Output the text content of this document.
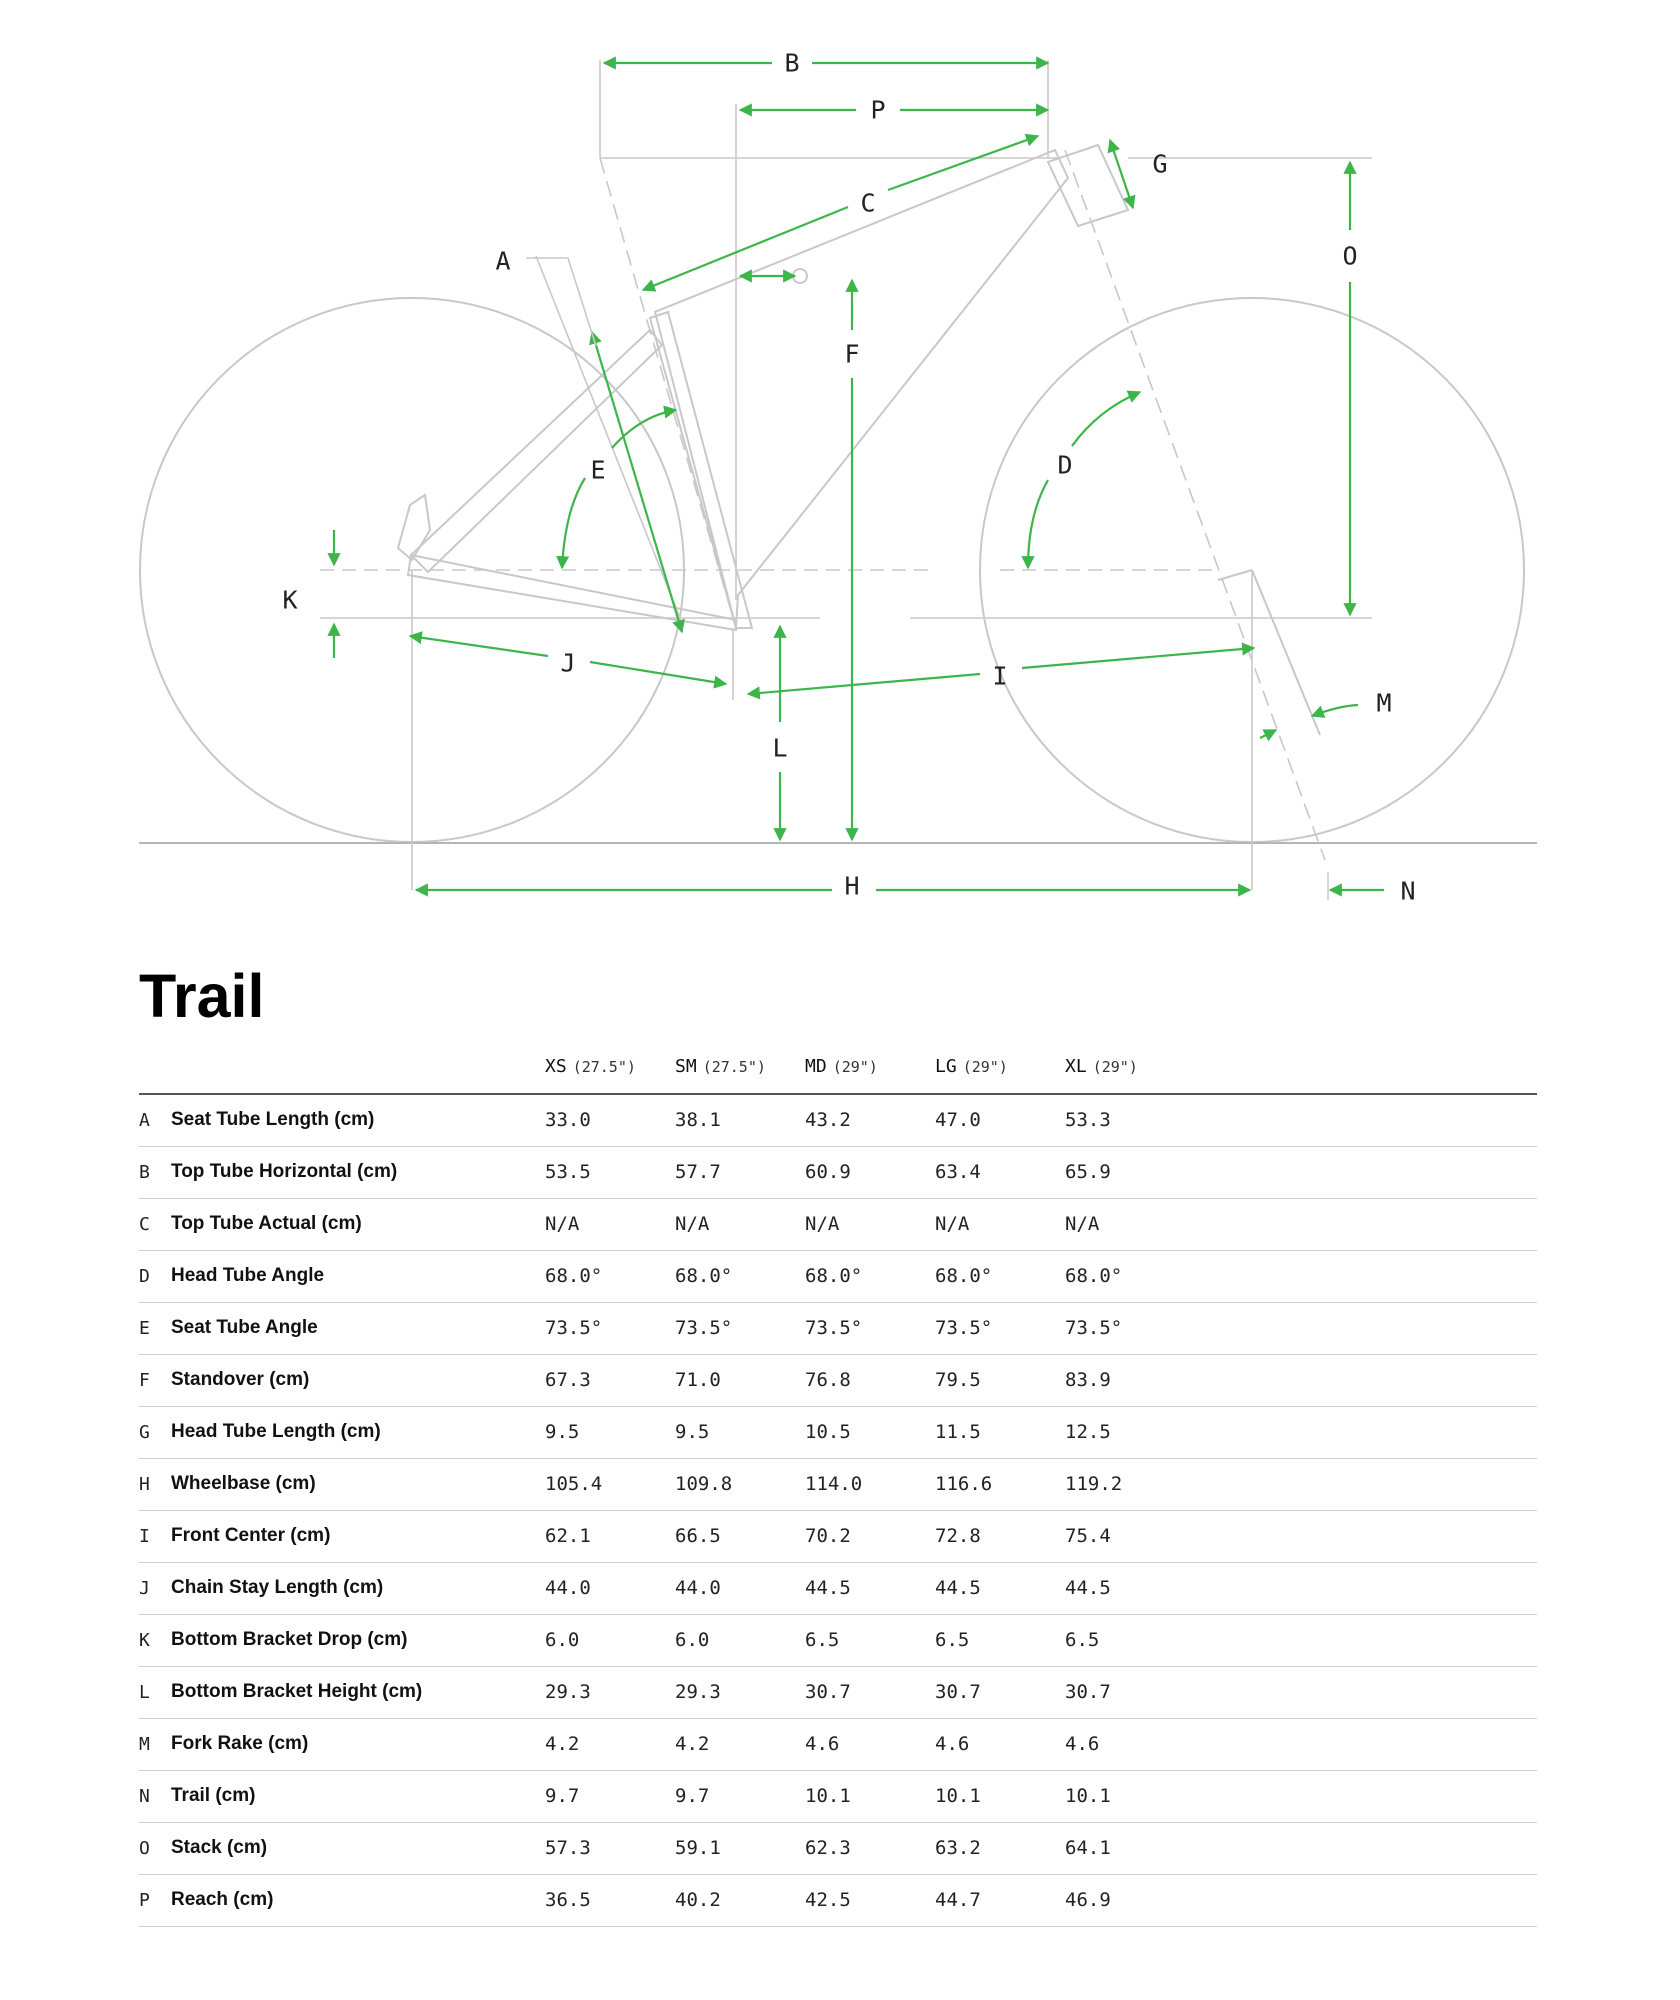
B
P
C
G
O
A
F
E	D
K
J	I
M
L
H	N
Trail
		XS (27.5")	SM (27.5")	MD (29")	LG (29")	XL (29")	
A	Seat Tube Length (cm)	33.0	38.1	43.2	47.0	53.3	
B	Top Tube Horizontal (cm)	53.5	57.7	60.9	63.4	65.9	
C	Top Tube Actual (cm)	N/A	N/A	N/A	N/A	N/A	
D	Head Tube Angle	68.0°	68.0°	68.0°	68.0°	68.0°	
E	Seat Tube Angle	73.5°	73.5°	73.5°	73.5°	73.5°	
F	Standover (cm)	67.3	71.0	76.8	79.5	83.9	
G	Head Tube Length (cm)	9.5	9.5	10.5	11.5	12.5	
H	Wheelbase (cm)	105.4	109.8	114.0	116.6	119.2	
I	Front Center (cm)	62.1	66.5	70.2	72.8	75.4	
J	Chain Stay Length (cm)	44.0	44.0	44.5	44.5	44.5	
K	Bottom Bracket Drop (cm)	6.0	6.0	6.5	6.5	6.5	
L	Bottom Bracket Height (cm)	29.3	29.3	30.7	30.7	30.7	
M	Fork Rake (cm)	4.2	4.2	4.6	4.6	4.6	
N	Trail (cm)	9.7	9.7	10.1	10.1	10.1	
O	Stack (cm)	57.3	59.1	62.3	63.2	64.1	
P	Reach (cm)	36.5	40.2	42.5	44.7	46.9	
